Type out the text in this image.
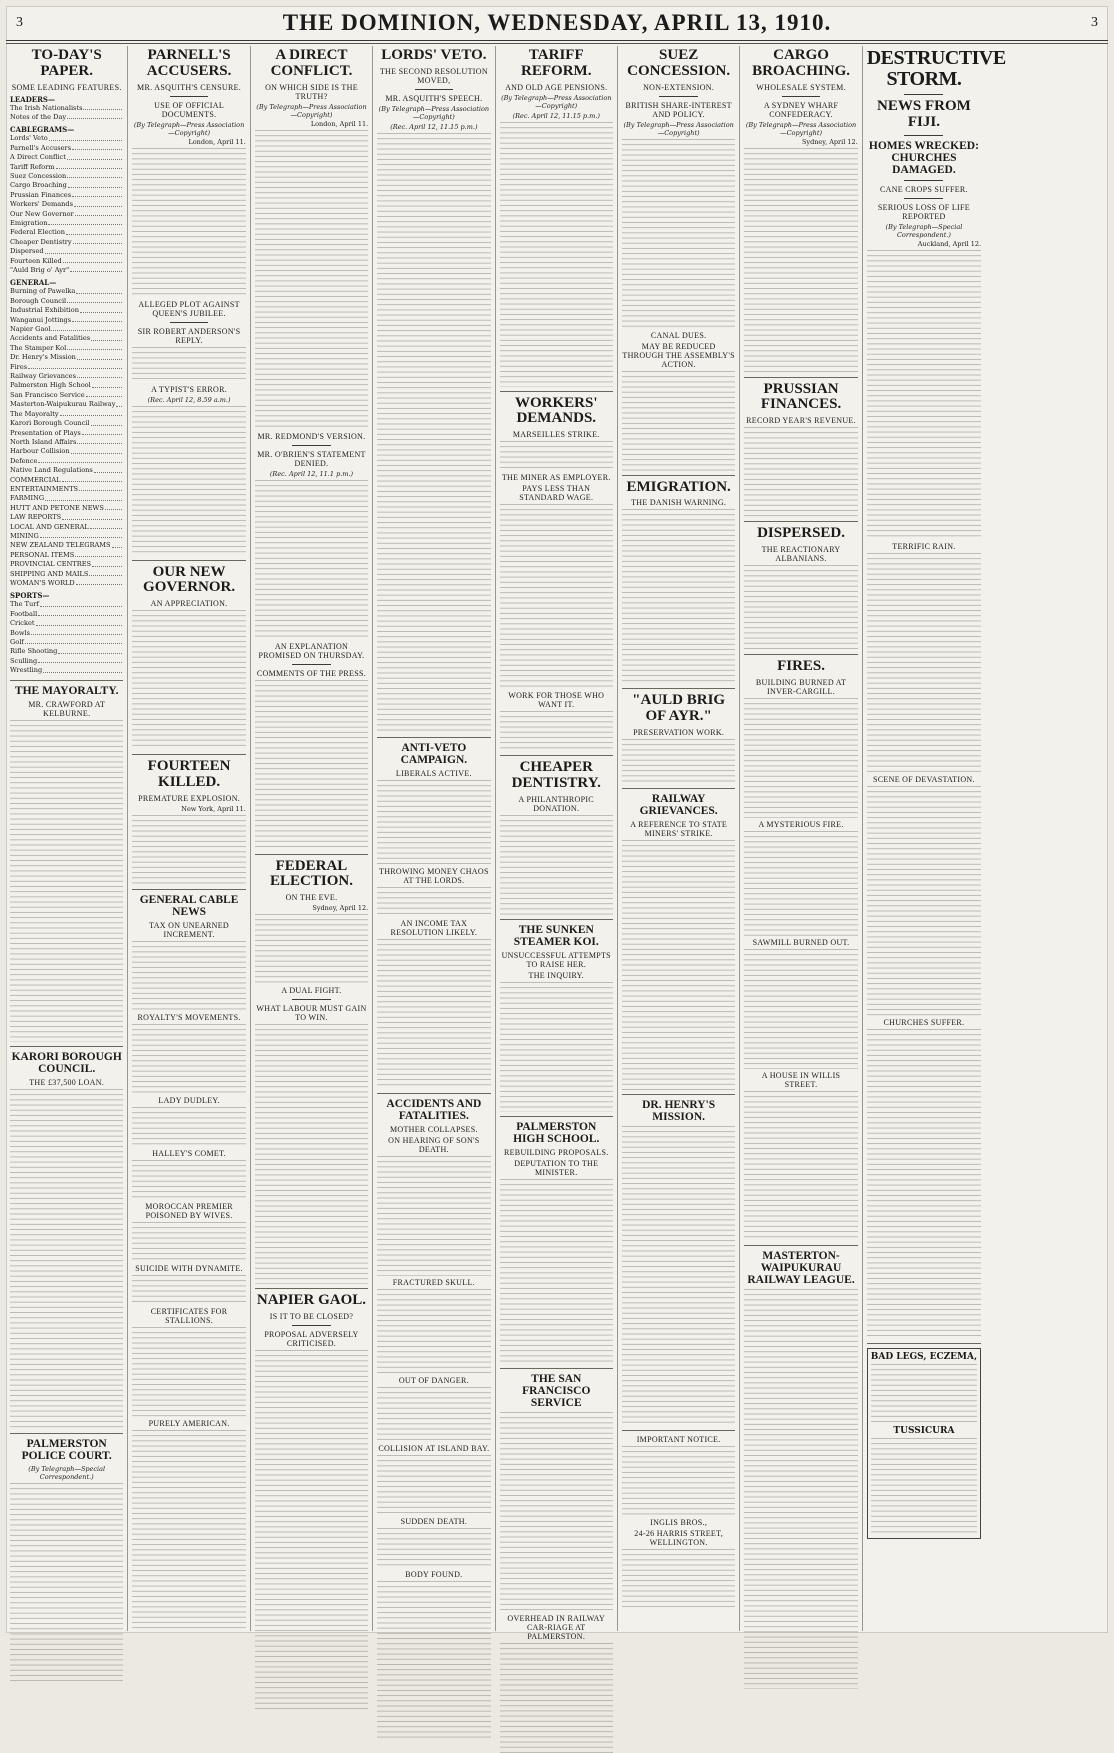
3	THE DOMINION, WEDNESDAY, APRIL 13, 1910.	3
TO-DAY'S PAPER.
SOME LEADING FEATURES.
LEADERS—
The Irish Nationalists
Notes of the Day
CABLEGRAMS—
Lords' Veto
Parnell's Accusers
A Direct Conflict
Tariff Reform
Suez Concession
Cargo Broaching
Prussian Finances
Workers' Demands
Our New Governor
Emigration
Federal Election
Cheaper Dentistry
Dispersed
Fourteen Killed
"Auld Brig o' Ayr"
GENERAL—
Burning of Pawelka
Borough Council
Industrial Exhibition
Wanganui Jottings
Napier Gaol
Accidents and Fatalities
The Stamper Kol
Dr. Henry's Mission
Fires
Railway Grievances
Palmerston High School
San Francisco Service
Masterton-Waipukurau Railway
The Mayoralty
Karori Borough Council
Presentation of Plays
North Island Affairs
Harbour Collision
Defence
Native Land Regulations
COMMERCIAL
ENTERTAINMENTS
FARMING
HUTT AND PETONE NEWS
LAW REPORTS
LOCAL AND GENERAL
MINING
NEW ZEALAND TELEGRAMS
PERSONAL ITEMS
PROVINCIAL CENTRES
SHIPPING AND MAILS
WOMAN'S WORLD
SPORTS—
The Turf
Football
Cricket
Bowls
Golf
Rifle Shooting
Sculling
Wrestling
THE MAYORALTY.
MR. CRAWFORD AT KELBURNE.
KARORI BOROUGH COUNCIL.
THE £37,500 LOAN.
PALMERSTON POLICE COURT.
(By Telegraph—Special Correspondent.)
PARNELL'S ACCUSERS.
MR. ASQUITH'S CENSURE.
USE OF OFFICIAL DOCUMENTS.
(By Telegraph—Press Association—Copyright)
London, April 11.
ALLEGED PLOT AGAINST QUEEN'S JUBILEE.
SIR ROBERT ANDERSON'S REPLY.
A TYPIST'S ERROR.
(Rec. April 12, 8.59 a.m.)
OUR NEW GOVERNOR.
AN APPRECIATION.
FOURTEEN KILLED.
PREMATURE EXPLOSION.
New York, April 11.
GENERAL CABLE NEWS
TAX ON UNEARNED INCREMENT.
ROYALTY'S MOVEMENTS.
LADY DUDLEY.
HALLEY'S COMET.
MOROCCAN PREMIER POISONED BY WIVES.
SUICIDE WITH DYNAMITE.
CERTIFICATES FOR STALLIONS.
PURELY AMERICAN.
A DIRECT CONFLICT.
ON WHICH SIDE IS THE TRUTH?
(By Telegraph—Press Association—Copyright)
London, April 11.
MR. REDMOND'S VERSION.
MR. O'BRIEN'S STATEMENT DENIED.
(Rec. April 12, 11.1 p.m.)
AN EXPLANATION PROMISED ON THURSDAY.
COMMENTS OF THE PRESS.
FEDERAL ELECTION.
ON THE EVE.
Sydney, April 12.
A DUAL FIGHT.
WHAT LABOUR MUST GAIN TO WIN.
NAPIER GAOL.
IS IT TO BE CLOSED?
PROPOSAL ADVERSELY CRITICISED.
LORDS' VETO.
THE SECOND RESOLUTION MOVED,
MR. ASQUITH'S SPEECH.
(By Telegraph—Press Association—Copyright)
(Rec. April 12, 11.15 p.m.)
ANTI-VETO CAMPAIGN.
LIBERALS ACTIVE.
THROWING MONEY CHAOS AT THE LORDS.
AN INCOME TAX RESOLUTION LIKELY.
ACCIDENTS AND FATALITIES.
MOTHER COLLAPSES.
ON HEARING OF SON'S DEATH.
FRACTURED SKULL.
OUT OF DANGER.
COLLISION AT ISLAND BAY.
SUDDEN DEATH.
BODY FOUND.
TARIFF REFORM.
AND OLD AGE PENSIONS.
(By Telegraph—Press Association—Copyright)
(Rec. April 12, 11.15 p.m.)
WORKERS' DEMANDS.
MARSEILLES STRIKE.
THE MINER AS EMPLOYER.
PAYS LESS THAN STANDARD WAGE.
WORK FOR THOSE WHO WANT IT.
CHEAPER DENTISTRY.
A PHILANTHROPIC DONATION.
THE SUNKEN STEAMER KOI.
UNSUCCESSFUL ATTEMPTS TO RAISE HER.
THE INQUIRY.
PALMERSTON HIGH SCHOOL.
REBUILDING PROPOSALS.
DEPUTATION TO THE MINISTER.
THE SAN FRANCISCO SERVICE
OVERHEAD IN RAILWAY CAR-RIAGE AT PALMERSTON.
SUEZ CONCESSION.
NON-EXTENSION.
BRITISH SHARE-INTEREST AND POLICY.
(By Telegraph—Press Association—Copyright)
CANAL DUES.
MAY BE REDUCED THROUGH THE ASSEMBLY'S ACTION.
EMIGRATION.
THE DANISH WARNING.
"AULD BRIG OF AYR."
PRESERVATION WORK.
RAILWAY GRIEVANCES.
A REFERENCE TO STATE MINERS' STRIKE.
DR. HENRY'S MISSION.
IMPORTANT NOTICE.
INGLIS BROS.,
24-26 HARRIS STREET, WELLINGTON.
CARGO BROACHING.
WHOLESALE SYSTEM.
A SYDNEY WHARF CONFEDERACY.
(By Telegraph—Press Association—Copyright)
Sydney, April 12.
PRUSSIAN FINANCES.
RECORD YEAR'S REVENUE.
DISPERSED.
THE REACTIONARY ALBANIANS.
FIRES.
BUILDING BURNED AT INVER-CARGILL.
A MYSTERIOUS FIRE.
SAWMILL BURNED OUT.
A HOUSE IN WILLIS STREET.
MASTERTON-WAIPUKURAU RAILWAY LEAGUE.
DESTRUCTIVE STORM.
NEWS FROM FIJI.
HOMES WRECKED: CHURCHES DAMAGED.
CANE CROPS SUFFER.
SERIOUS LOSS OF LIFE REPORTED
(By Telegraph—Special Correspondent.)
Auckland, April 12.
TERRIFIC RAIN.
SCENE OF DEVASTATION.
CHURCHES SUFFER.
BAD LEGS, ECZEMA,
TUSSICURA
